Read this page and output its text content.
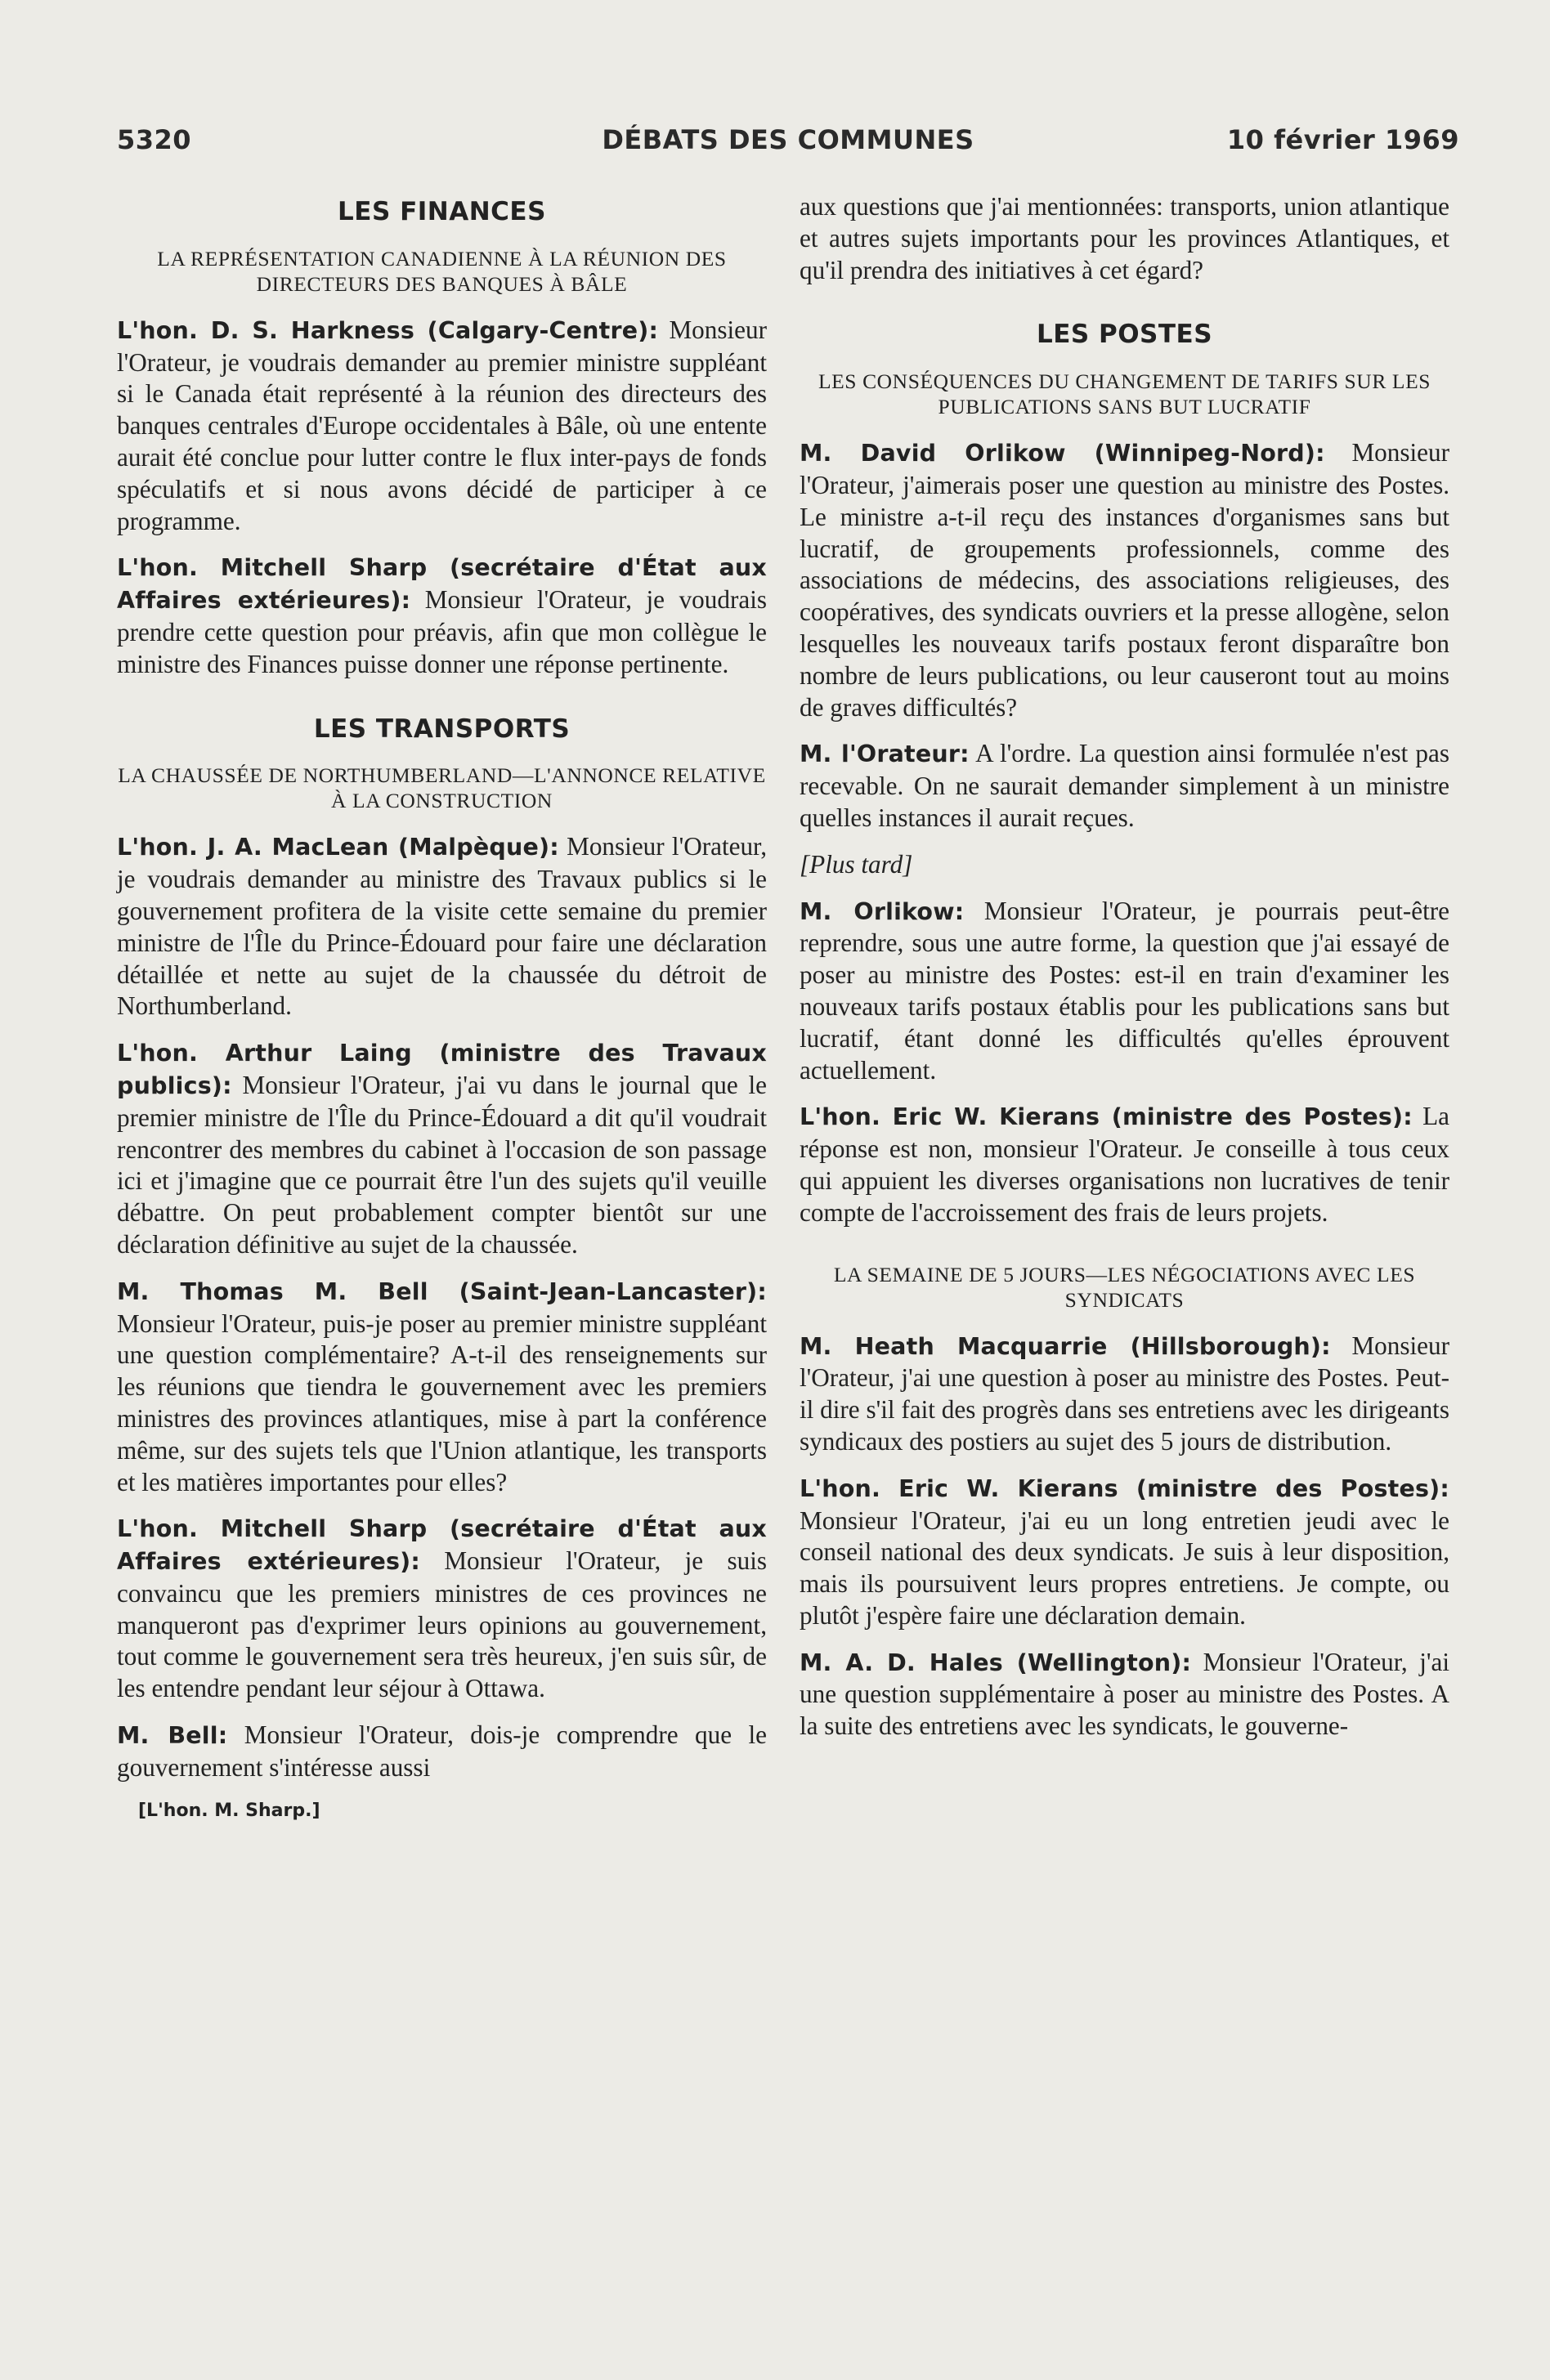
5320	DÉBATS DES COMMUNES	10 février 1969
LES FINANCES
LA REPRÉSENTATION CANADIENNE À LA RÉUNION DES DIRECTEURS DES BANQUES À BÂLE

L'hon. D. S. Harkness (Calgary-Centre): Monsieur l'Orateur, je voudrais demander au premier ministre suppléant si le Canada était représenté à la réunion des directeurs des banques centrales d'Europe occidentales à Bâle, où une entente aurait été conclue pour lutter contre le flux inter-pays de fonds spéculatifs et si nous avons décidé de participer à ce programme.

L'hon. Mitchell Sharp (secrétaire d'État aux Affaires extérieures): Monsieur l'Orateur, je voudrais prendre cette question pour préavis, afin que mon collègue le ministre des Finances puisse donner une réponse pertinente.

LES TRANSPORTS
LA CHAUSSÉE DE NORTHUMBERLAND—L'ANNONCE RELATIVE À LA CONSTRUCTION

L'hon. J. A. MacLean (Malpèque): Monsieur l'Orateur, je voudrais demander au ministre des Travaux publics si le gouvernement profitera de la visite cette semaine du premier ministre de l'Île du Prince-Édouard pour faire une déclaration détaillée et nette au sujet de la chaussée du détroit de Northumberland.

L'hon. Arthur Laing (ministre des Travaux publics): Monsieur l'Orateur, j'ai vu dans le journal que le premier ministre de l'Île du Prince-Édouard a dit qu'il voudrait rencontrer des membres du cabinet à l'occasion de son passage ici et j'imagine que ce pourrait être l'un des sujets qu'il veuille débattre. On peut probablement compter bientôt sur une déclaration définitive au sujet de la chaussée.

M. Thomas M. Bell (Saint-Jean-Lancaster): Monsieur l'Orateur, puis-je poser au premier ministre suppléant une question complémentaire? A-t-il des renseignements sur les réunions que tiendra le gouvernement avec les premiers ministres des provinces atlantiques, mise à part la conférence même, sur des sujets tels que l'Union atlantique, les transports et les matières importantes pour elles?

L'hon. Mitchell Sharp (secrétaire d'État aux Affaires extérieures): Monsieur l'Orateur, je suis convaincu que les premiers ministres de ces provinces ne manqueront pas d'exprimer leurs opinions au gouvernement, tout comme le gouvernement sera très heureux, j'en suis sûr, de les entendre pendant leur séjour à Ottawa.

M. Bell: Monsieur l'Orateur, dois-je comprendre que le gouvernement s'intéresse aussi

[L'hon. M. Sharp.]

aux questions que j'ai mentionnées: transports, union atlantique et autres sujets importants pour les provinces Atlantiques, et qu'il prendra des initiatives à cet égard?

LES POSTES
LES CONSÉQUENCES DU CHANGEMENT DE TARIFS SUR LES PUBLICATIONS SANS BUT LUCRATIF

M. David Orlikow (Winnipeg-Nord): Monsieur l'Orateur, j'aimerais poser une question au ministre des Postes. Le ministre a-t-il reçu des instances d'organismes sans but lucratif, de groupements professionnels, comme des associations de médecins, des associations religieuses, des coopératives, des syndicats ouvriers et la presse allogène, selon lesquelles les nouveaux tarifs postaux feront disparaître bon nombre de leurs publications, ou leur causeront tout au moins de graves difficultés?

M. l'Orateur: A l'ordre. La question ainsi formulée n'est pas recevable. On ne saurait demander simplement à un ministre quelles instances il aurait reçues.

[Plus tard]

M. Orlikow: Monsieur l'Orateur, je pourrais peut-être reprendre, sous une autre forme, la question que j'ai essayé de poser au ministre des Postes: est-il en train d'examiner les nouveaux tarifs postaux établis pour les publications sans but lucratif, étant donné les difficultés qu'elles éprouvent actuellement.

L'hon. Eric W. Kierans (ministre des Postes): La réponse est non, monsieur l'Orateur. Je conseille à tous ceux qui appuient les diverses organisations non lucratives de tenir compte de l'accroissement des frais de leurs projets.

LA SEMAINE DE 5 JOURS—LES NÉGOCIATIONS AVEC LES SYNDICATS

M. Heath Macquarrie (Hillsborough): Monsieur l'Orateur, j'ai une question à poser au ministre des Postes. Peut-il dire s'il fait des progrès dans ses entretiens avec les dirigeants syndicaux des postiers au sujet des 5 jours de distribution.

L'hon. Eric W. Kierans (ministre des Postes): Monsieur l'Orateur, j'ai eu un long entretien jeudi avec le conseil national des deux syndicats. Je suis à leur disposition, mais ils poursuivent leurs propres entretiens. Je compte, ou plutôt j'espère faire une déclaration demain.

M. A. D. Hales (Wellington): Monsieur l'Orateur, j'ai une question supplémentaire à poser au ministre des Postes. A la suite des entretiens avec les syndicats, le gouverne-
